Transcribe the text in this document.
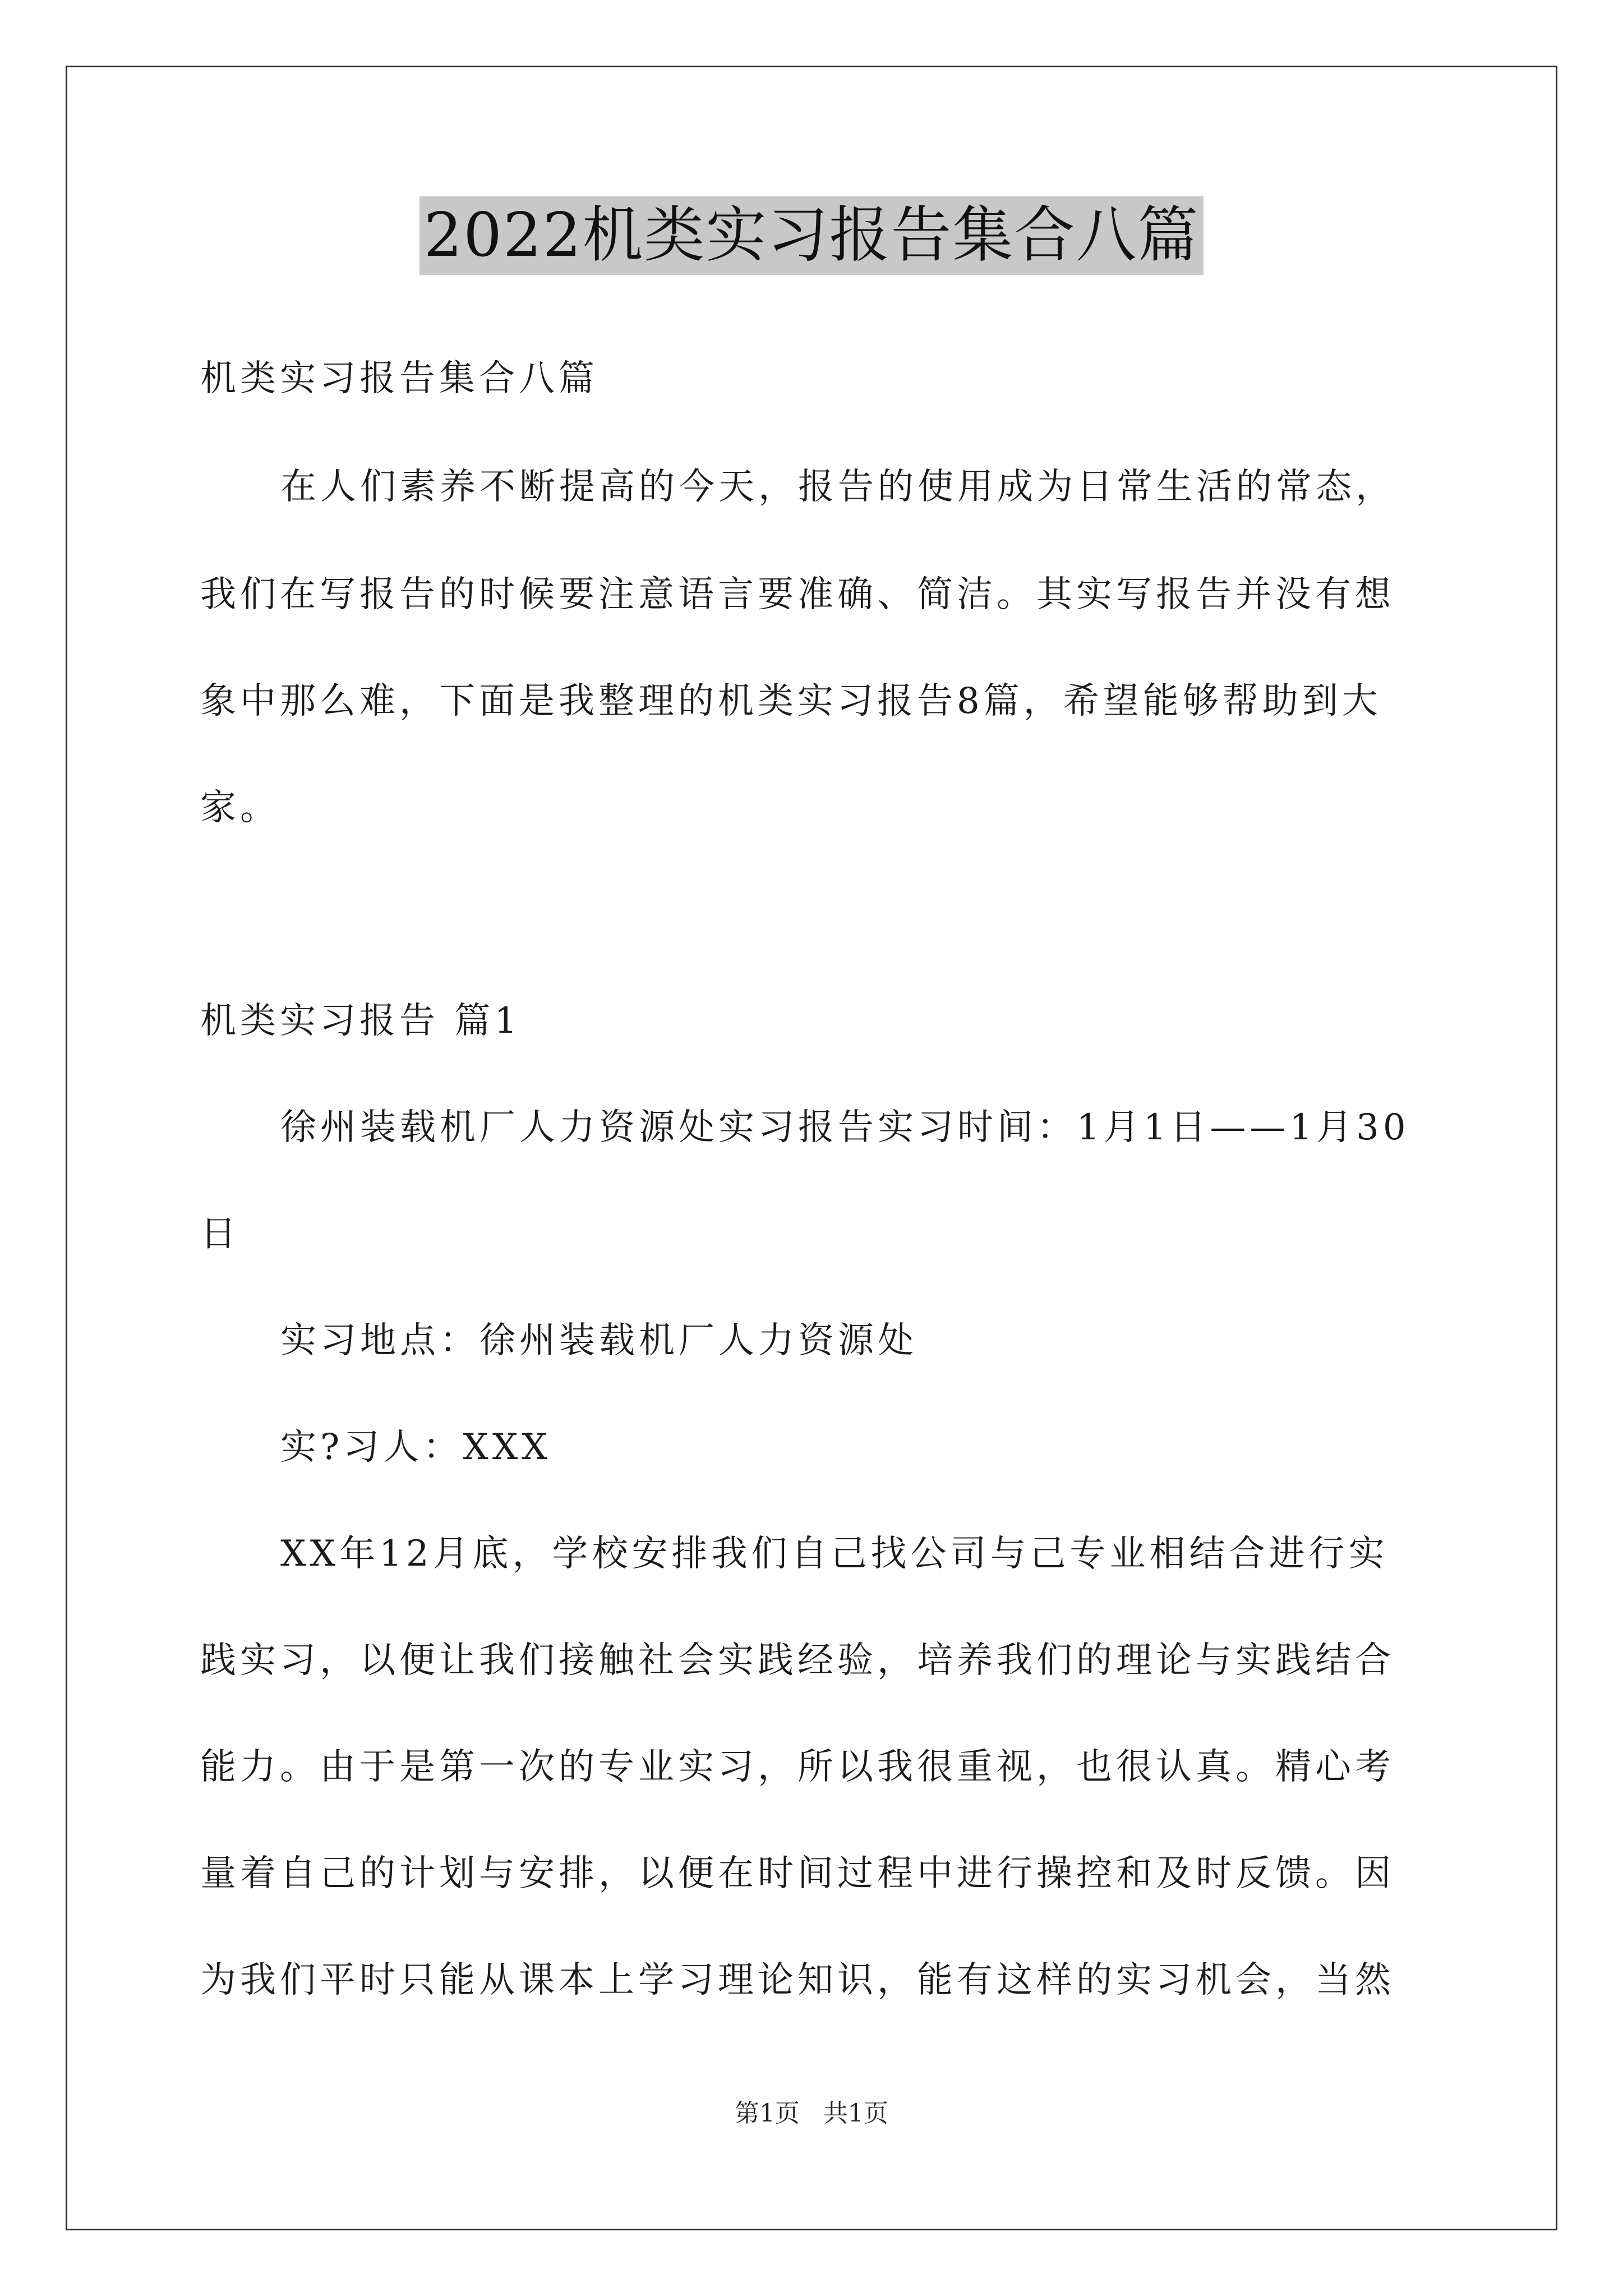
2022机类实习报告集合八篇
机类实习报告集合八篇
在人们素养不断提高的今天，报告的使用成为日常生活的常态，
我们在写报告的时候要注意语言要准确、简洁。其实写报告并没有想
象中那么难，下面是我整理的机类实习报告8篇，希望能够帮助到大
家。
机类实习报告 篇1
徐州装载机厂人力资源处实习报告实习时间：1月1日——1月30
日
实习地点：徐州装载机厂人力资源处
实?习人：XXX
XX年12月底，学校安排我们自己找公司与己专业相结合进行实
践实习，以便让我们接触社会实践经验，培养我们的理论与实践结合
能力。由于是第一次的专业实习，所以我很重视，也很认真。精心考
量着自己的计划与安排，以便在时间过程中进行操控和及时反馈。因
为我们平时只能从课本上学习理论知识，能有这样的实习机会，当然
第1页 共1页
